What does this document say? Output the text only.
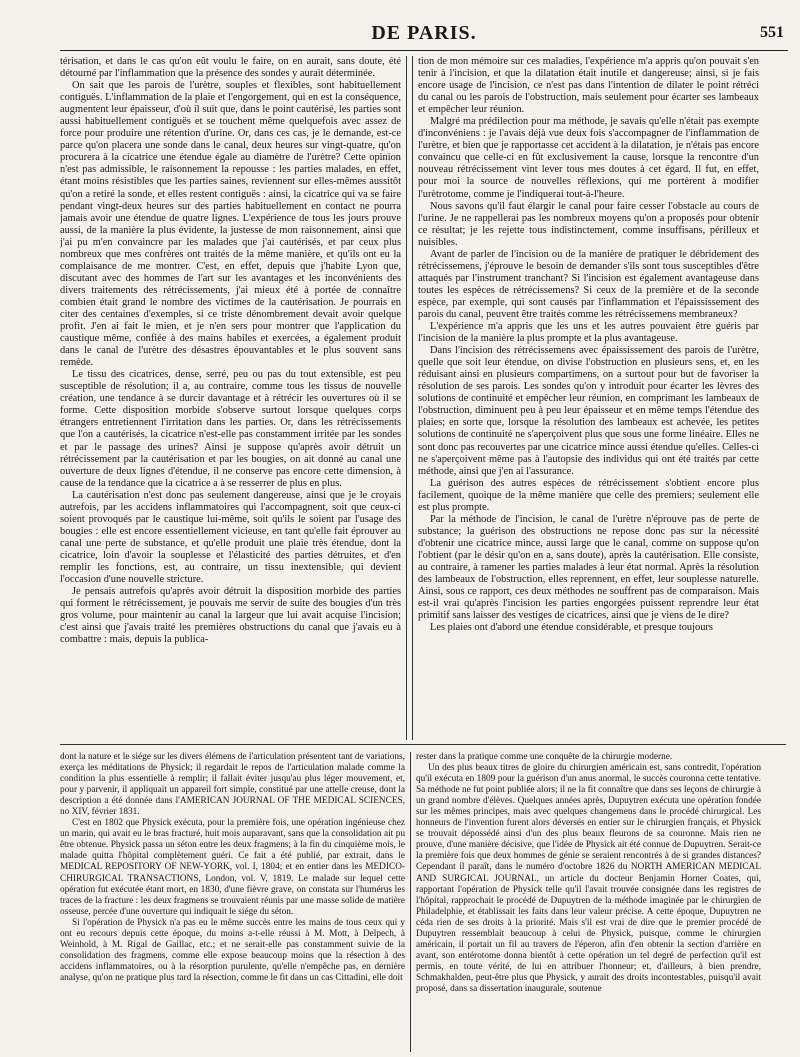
DE PARIS.	551

térisation, et dans le cas qu'on eût voulu le faire, on en aurait, sans doute, été détourné par l'inflammation que la présence des sondes y aurait déterminée.

On sait que les parois de l'urètre, souples et flexibles, sont habituellement contiguës. L'inflammation de la plaie et l'engorgement, qui en est la conséquence, augmentent leur épaisseur, d'où il suit que, dans le point cautérisé, les parties sont aussi habituellement contiguës et se touchent même quelquefois avec assez de force pour produire une rétention d'urine. Or, dans ces cas, je le demande, est-ce parce qu'on placera une sonde dans le canal, deux heures sur vingt-quatre, qu'on procurera à la cicatrice une étendue égale au diamètre de l'urètre? Cette opinion n'est pas admissible, le raisonnement la repousse : les parties malades, en effet, étant moins résistibles que les parties saines, reviennent sur elles-mêmes aussitôt qu'on a retiré la sonde, et elles restent contiguës : ainsi, la cicatrice qui va se faire pendant vingt-deux heures sur des parties habituellement en contact ne pourra jamais avoir une étendue de quatre lignes. L'expérience de tous les jours prouve aussi, de la manière la plus évidente, la justesse de mon raisonnement, ainsi que j'ai pu m'en convaincre par les malades que j'ai cautérisés, et par ceux plus nombreux que mes confrères ont traités de la même manière, et qu'ils ont eu la complaisance de me montrer. C'est, en effet, depuis que j'habite Lyon que, discutant avec des hommes de l'art sur les avantages et les inconvénients des divers traitements des rétrécissements, j'ai mieux été à portée de connaître combien était grand le nombre des victimes de la cautérisation. Je pourrais en citer des centaines d'exemples, si ce triste dénombrement devait avoir quelque profit. J'en ai fait le mien, et je n'en sers pour montrer que l'application du caustique même, confiée à des mains habiles et exercées, a également produit dans le canal de l'urètre des désastres épouvantables et le plus souvent sans remède.

Le tissu des cicatrices, dense, serré, peu ou pas du tout extensible, est peu susceptible de résolution; il a, au contraire, comme tous les tissus de nouvelle création, une tendance à se durcir davantage et à rétrécir les ouvertures où il se forme. Cette disposition morbide s'observe surtout lorsque quelques corps étrangers entretiennent l'irritation dans les parties. Or, dans les rétrécissements que l'on a cautérisés, la cicatrice n'est-elle pas constamment irritée par les sondes et par le passage des urines? Ainsi je suppose qu'après avoir détruit un rétrécissement par la cautérisation et par les bougies, on ait donné au canal une ouverture de deux lignes d'étendue, il ne conserve pas encore cette dimension, à cause de la tendance que la cicatrice a à se resserrer de plus en plus.

La cautérisation n'est donc pas seulement dangereuse, ainsi que je le croyais autrefois, par les accidens inflammatoires qui l'accompagnent, soit que ceux-ci soient provoqués par le caustique lui-même, soit qu'ils le soient par l'usage des bougies : elle est encore essentiellement vicieuse, en tant qu'elle fait éprouver au canal une perte de substance, et qu'elle produit une plaie très étendue, dont la cicatrice, loin d'avoir la souplesse et l'élasticité des parties détruites, et d'en remplir les fonctions, est, au contraire, un tissu inextensible, qui devient l'occasion d'une nouvelle stricture.

Je pensais autrefois qu'après avoir détruit la disposition morbide des parties qui forment le rétrécissement, je pouvais me servir de suite des bougies d'un très gros volume, pour maintenir au canal la largeur que lui avait acquise l'incision; c'est ainsi que j'avais traité les premières obstructions du canal que j'avais eu à combattre : mais, depuis la publica-

tion de mon mémoire sur ces maladies, l'expérience m'a appris qu'on pouvait s'en tenir à l'incision, et que la dilatation était inutile et dangereuse; ainsi, si je fais encore usage de l'incision, ce n'est pas dans l'intention de dilater le point rétréci du canal ou les parois de l'obstruction, mais seulement pour écarter ses lambeaux et empêcher leur réunion.

Malgré ma prédilection pour ma méthode, je savais qu'elle n'était pas exempte d'inconvéniens : je l'avais déjà vue deux fois s'accompagner de l'inflammation de l'urètre, et bien que je rapportasse cet accident à la dilatation, je n'étais pas encore convaincu que celle-ci en fût exclusivement la cause, lorsque la rencontre d'un nouveau rétrécissement vint lever tous mes doutes à cet égard. Il fut, en effet, pour moi la source de nouvelles réflexions, qui me portèrent à modifier l'urètrotome, comme je l'indiquerai tout-à-l'heure.

Nous savons qu'il faut élargir le canal pour faire cesser l'obstacle au cours de l'urine. Je ne rappellerai pas les nombreux moyens qu'on a proposés pour obtenir ce résultat; je les rejette tous indistinctement, comme insuffisans, périlleux et nuisibles.

Avant de parler de l'incision ou de la manière de pratiquer le débridement des rétrécissemens, j'éprouve le besoin de demander s'ils sont tous susceptibles d'être attaqués par l'instrument tranchant? Si l'incision est également avantageuse dans toutes les espèces de rétrécissemens? Si ceux de la première et de la seconde espèce, par exemple, qui sont causés par l'inflammation et l'épaississement des parois du canal, peuvent être traités comme les rétrécissemens membraneux?

L'expérience m'a appris que les uns et les autres pouvaient être guéris par l'incision de la manière la plus prompte et la plus avantageuse.

Dans l'incision des rétrécissemens avec épaississement des parois de l'urètre, quelle que soit leur étendue, on divise l'obstruction en plusieurs sens, et, en les réduisant ainsi en plusieurs compartimens, on a surtout pour but de favoriser la résolution de ses parois. Les sondes qu'on y introduit pour écarter les lèvres des solutions de continuité et empêcher leur réunion, en comprimant les lambeaux de l'obstruction, diminuent peu à peu leur épaisseur et en même temps l'étendue des plaies; en sorte que, lorsque la résolution des lambeaux est achevée, les petites solutions de continuité ne s'aperçoivent plus que sous une forme linéaire. Elles ne sont donc pas recouvertes par une cicatrice mince aussi étendue qu'elles. Celles-ci ne s'aperçoivent même pas à l'autopsie des individus qui ont été traités par cette méthode, ainsi que j'en ai l'assurance.

La guérison des autres espèces de rétrécissement s'obtient encore plus facilement, quoique de la même manière que celle des premiers; seulement elle est plus prompte.

Par la méthode de l'incision, le canal de l'urètre n'éprouve pas de perte de substance; la guérison des obstructions ne repose donc pas sur la nécessité d'obtenir une cicatrice mince, aussi large que le canal, comme on suppose qu'on l'obtient (par le désir qu'on en a, sans doute), après la cautérisation. Elle consiste, au contraire, à ramener les parties malades à leur état normal. Après la résolution des lambeaux de l'obstruction, elles reprennent, en effet, leur souplesse naturelle. Ainsi, sous ce rapport, ces deux méthodes ne souffrent pas de comparaison. Mais est-il vrai qu'après l'incision les parties engorgées puissent reprendre leur état primitif sans laisser des vestiges de cicatrices, ainsi que je viens de le dire?

Les plaies ont d'abord une étendue considérable, et presque toujours

dont la nature et le siége sur les divers élémens de l'articulation présentent tant de variations, exerça les méditations de Physick; il regardait le repos de l'articulation malade comme la condition la plus essentielle à remplir; il fallait éviter jusqu'au plus léger mouvement, et, pour y parvenir, il appliquait un appareil fort simple, constitué par une attelle creuse, dont la description a été donnée dans l'AMERICAN JOURNAL OF THE MEDICAL SCIENCES, no XIV, février 1831.

C'est en 1802 que Physick exécuta, pour la première fois, une opération ingénieuse chez un marin, qui avait eu le bras fracturé, huit mois auparavant, sans que la consolidation ait pu être obtenue. Physick passa un séton entre les deux fragmens; à la fin du cinquième mois, le malade quitta l'hôpital complètement guéri. Ce fait a été publié, par extrait, dans le MEDICAL REPOSITORY OF NEW-YORK, vol. I, 1804; et en entier dans les MEDICO-CHIRURGICAL TRANSACTIONS, London, vol. V, 1819. Le malade sur lequel cette opération fut exécutée étant mort, en 1830, d'une fièvre grave, on constata sur l'humérus les traces de la fracture : les deux fragmens se trouvaient réunis par une masse solide de matière osseuse, percée d'une ouverture qui indiquait le siége du séton.

Si l'opération de Physick n'a pas eu le même succès entre les mains de tous ceux qui y ont eu recours depuis cette époque, du moins a-t-elle réussi à M. Mott, à Delpech, à Weinhold, à M. Rigal de Gaillac, etc.; et ne serait-elle pas constamment suivie de la consolidation des fragmens, comme elle expose beaucoup moins que la résection à des accidens inflammatoires, ou à la résorption purulente, qu'elle n'empêche pas, en dernière analyse, qu'on ne pratique plus tard la résection, comme le fit dans un cas Cittadini, elle doit

rester dans la pratique comme une conquête de la chirurgie moderne.

Un des plus beaux titres de gloire du chirurgien américain est, sans contredit, l'opération qu'il exécuta en 1809 pour la guérison d'un anus anormal, le succès couronna cette tentative. Sa méthode ne fut point publiée alors; il ne la fit connaître que dans ses leçons de chirurgie à un grand nombre d'élèves. Quelques années après, Dupuytren exécuta une opération fondée sur les mêmes principes, mais avec quelques changemens dans le procédé chirurgical. Les honneurs de l'invention furent alors déversés en entier sur le chirurgien français, et Physick se trouvait dépossédé ainsi d'un des plus beaux fleurons de sa couronne. Mais rien ne prouve, d'une manière décisive, que l'idée de Physick ait été connue de Dupuytren. Serait-ce la première fois que deux hommes de génie se seraient rencontrés à de si grandes distances? Cependant il paraît, dans le numéro d'octobre 1826 du NORTH AMERICAN MEDICAL AND SURGICAL JOURNAL, un article du docteur Benjamin Horner Coates, qui, rapportant l'opération de Physick telle qu'il l'avait trouvée consignée dans les registres de l'hôpital, rapprochait le procédé de Dupuytren de la méthode imaginée par le chirurgien de Philadelphie, et établissait les faits dans leur valeur précise. A cette époque, Dupuytren ne céda rien de ses droits à la priorité. Mais s'il est vrai de dire que le premier procédé de Dupuytren ressemblait beaucoup à celui de Physick, puisque, comme le chirurgien américain, il portait un fil au travers de l'éperon, afin d'en obtenir la section d'arrière en avant, son entérotome donna bientôt à cette opération un tel degré de perfection qu'il est permis, en toute vérité, de lui en attribuer l'honneur; et, d'ailleurs, à bien prendre, Schmakhalden, peut-être plus que Physick, y aurait des droits incontestables, puisqu'il avait proposé, dans sa dissertation inaugurale, soutenue
